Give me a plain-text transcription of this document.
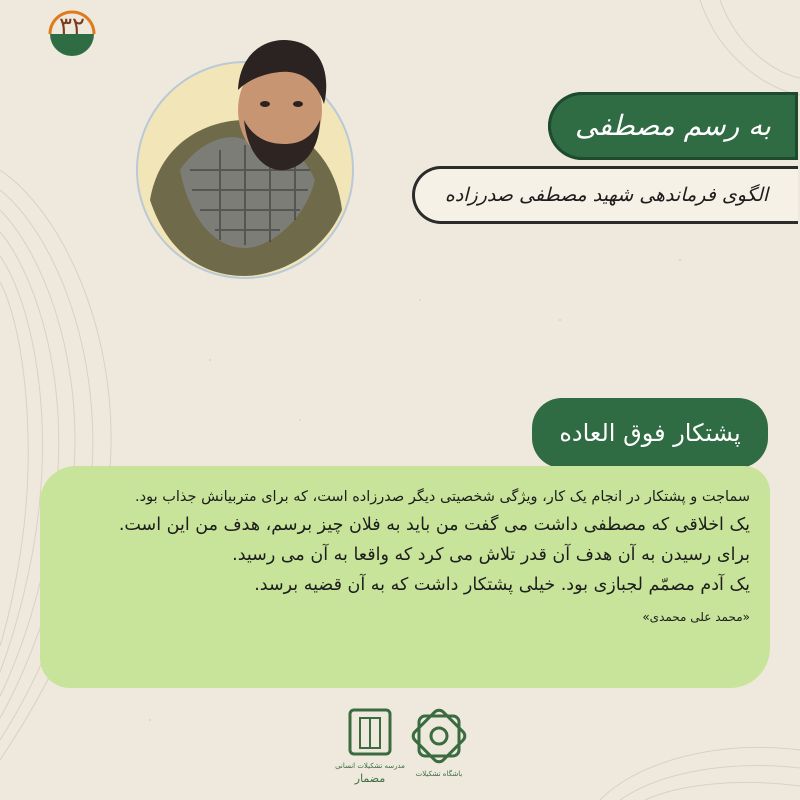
۳۲
به رسم مصطفی
الگوی فرماندهی شهید مصطفی صدرزاده
پشتکار فوق العاده

سماجت و پشتکار در انجام یک کار، ویژگی شخصیتی دیگر صدرزاده است، که برای متربیانش جذاب بود.

یک اخلاقی که مصطفی داشت می گفت من باید به فلان چیز برسم، هدف من این است.

برای رسیدن به آن هدف آن قدر تلاش می کرد که واقعا به آن می رسید.

یک آدم مصمّم لجبازی بود. خیلی پشتکار داشت که به آن قضیه برسد.

«محمد علی محمدی»

مدرسه تشکیلات انسانی
مضمار	باشگاه تشکیلات
